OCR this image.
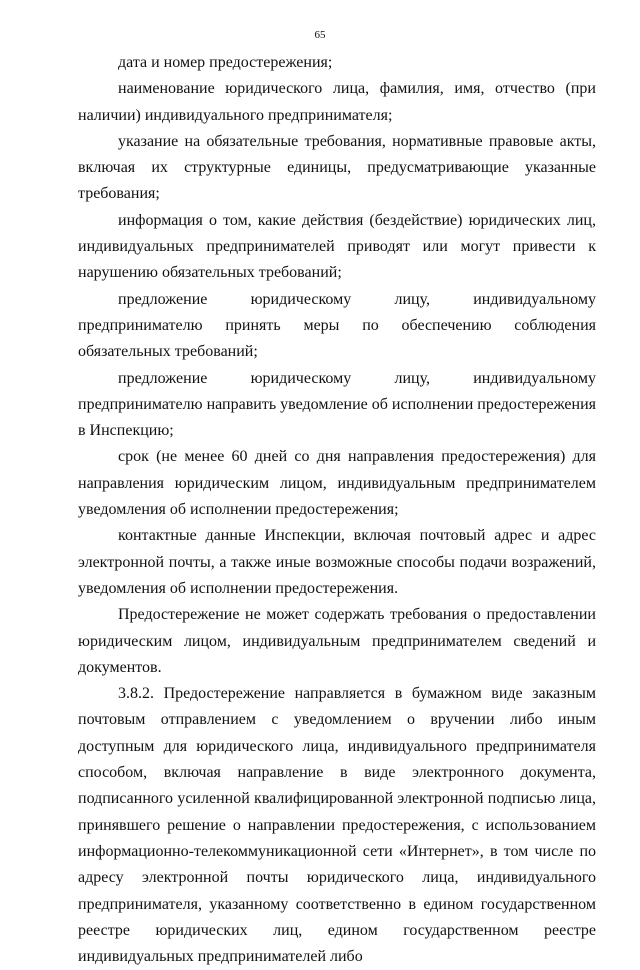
65

дата и номер предостережения;

наименование юридического лица, фамилия, имя, отчество (при наличии) индивидуального предпринимателя;

указание на обязательные требования, нормативные правовые акты, включая их структурные единицы, предусматривающие указанные требования;

информация о том, какие действия (бездействие) юридических лиц, индивидуальных предпринимателей приводят или могут привести к нарушению обязательных требований;

предложение юридическому лицу, индивидуальному предпринимателю принять меры по обеспечению соблюдения обязательных требований;

предложение юридическому лицу, индивидуальному предпринимателю направить уведомление об исполнении предостережения в Инспекцию;

срок (не менее 60 дней со дня направления предостережения) для направления юридическим лицом, индивидуальным предпринимателем уведомления об исполнении предостережения;

контактные данные Инспекции, включая почтовый адрес и адрес электронной почты, а также иные возможные способы подачи возражений, уведомления об исполнении предостережения.

Предостережение не может содержать требования о предоставлении юридическим лицом, индивидуальным предпринимателем сведений и документов.

3.8.2. Предостережение направляется в бумажном виде заказным почтовым отправлением с уведомлением о вручении либо иным доступным для юридического лица, индивидуального предпринимателя способом, включая направление в виде электронного документа, подписанного усиленной квалифицированной электронной подписью лица, принявшего решение о направлении предостережения, с использованием информационно-телекоммуникационной сети «Интернет», в том числе по адресу электронной почты юридического лица, индивидуального предпринимателя, указанному соответственно в едином государственном реестре юридических лиц, едином государственном реестре индивидуальных предпринимателей либо
